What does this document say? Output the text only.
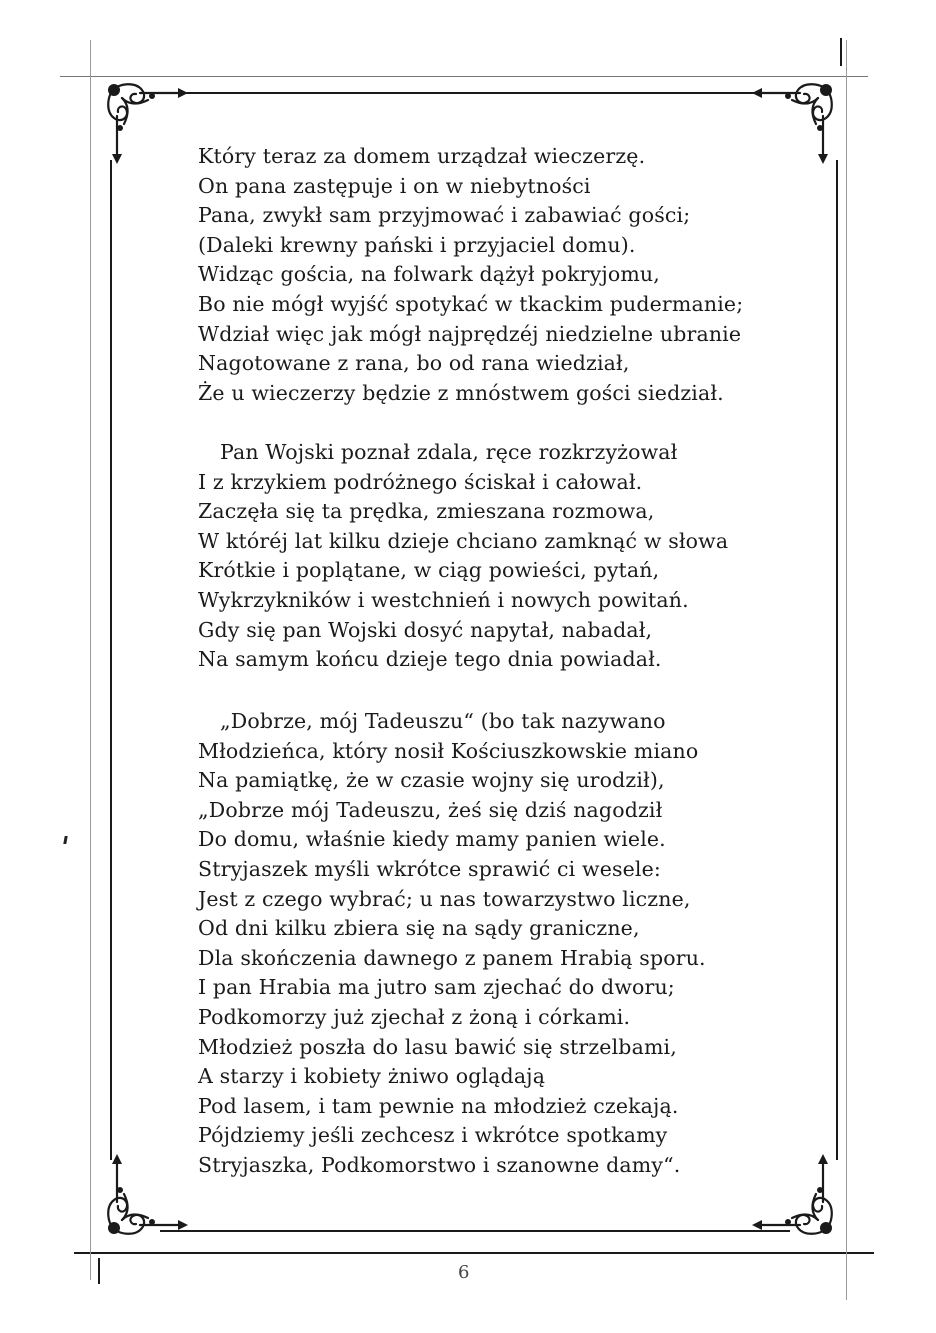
Który teraz za domem urządzał wieczerzę.
On pana zastępuje i on w niebytności
Pana, zwykł sam przyjmować i zabawiać gości;
(Daleki krewny pański i przyjaciel domu).
Widząc gościa, na folwark dążył pokryjomu,
Bo nie mógł wyjść spotykać w tkackim pudermanie;
Wdział więc jak mógł najprędzéj niedzielne ubranie
Nagotowane z rana, bo od rana wiedział,
Że u wieczerzy będzie z mnóstwem gości siedział.
Pan Wojski poznał zdala, ręce rozkrzyżował
I z krzykiem podróżnego ściskał i całował.
Zaczęła się ta prędka, zmieszana rozmowa,
W któréj lat kilku dzieje chciano zamknąć w słowa
Krótkie i poplątane, w ciąg powieści, pytań,
Wykrzykników i westchnień i nowych powitań.
Gdy się pan Wojski dosyć napytał, nabadał,
Na samym końcu dzieje tego dnia powiadał.
„Dobrze, mój Tadeuszu“ (bo tak nazywano
Młodzieńca, który nosił Kościuszkowskie miano
Na pamiątkę, że w czasie wojny się urodził),
„Dobrze mój Tadeuszu, żeś się dziś nagodził
Do domu, właśnie kiedy mamy panien wiele.
Stryjaszek myśli wkrótce sprawić ci wesele:
Jest z czego wybrać; u nas towarzystwo liczne,
Od dni kilku zbiera się na sądy graniczne,
Dla skończenia dawnego z panem Hrabią sporu.
I pan Hrabia ma jutro sam zjechać do dworu;
Podkomorzy już zjechał z żoną i córkami.
Młodzież poszła do lasu bawić się strzelbami,
A starzy i kobiety żniwo oglądają
Pod lasem, i tam pewnie na młodzież czekają.
Pójdziemy jeśli zechcesz i wkrótce spotkamy
Stryjaszka, Podkomorstwo i szanowne damy“.
6
